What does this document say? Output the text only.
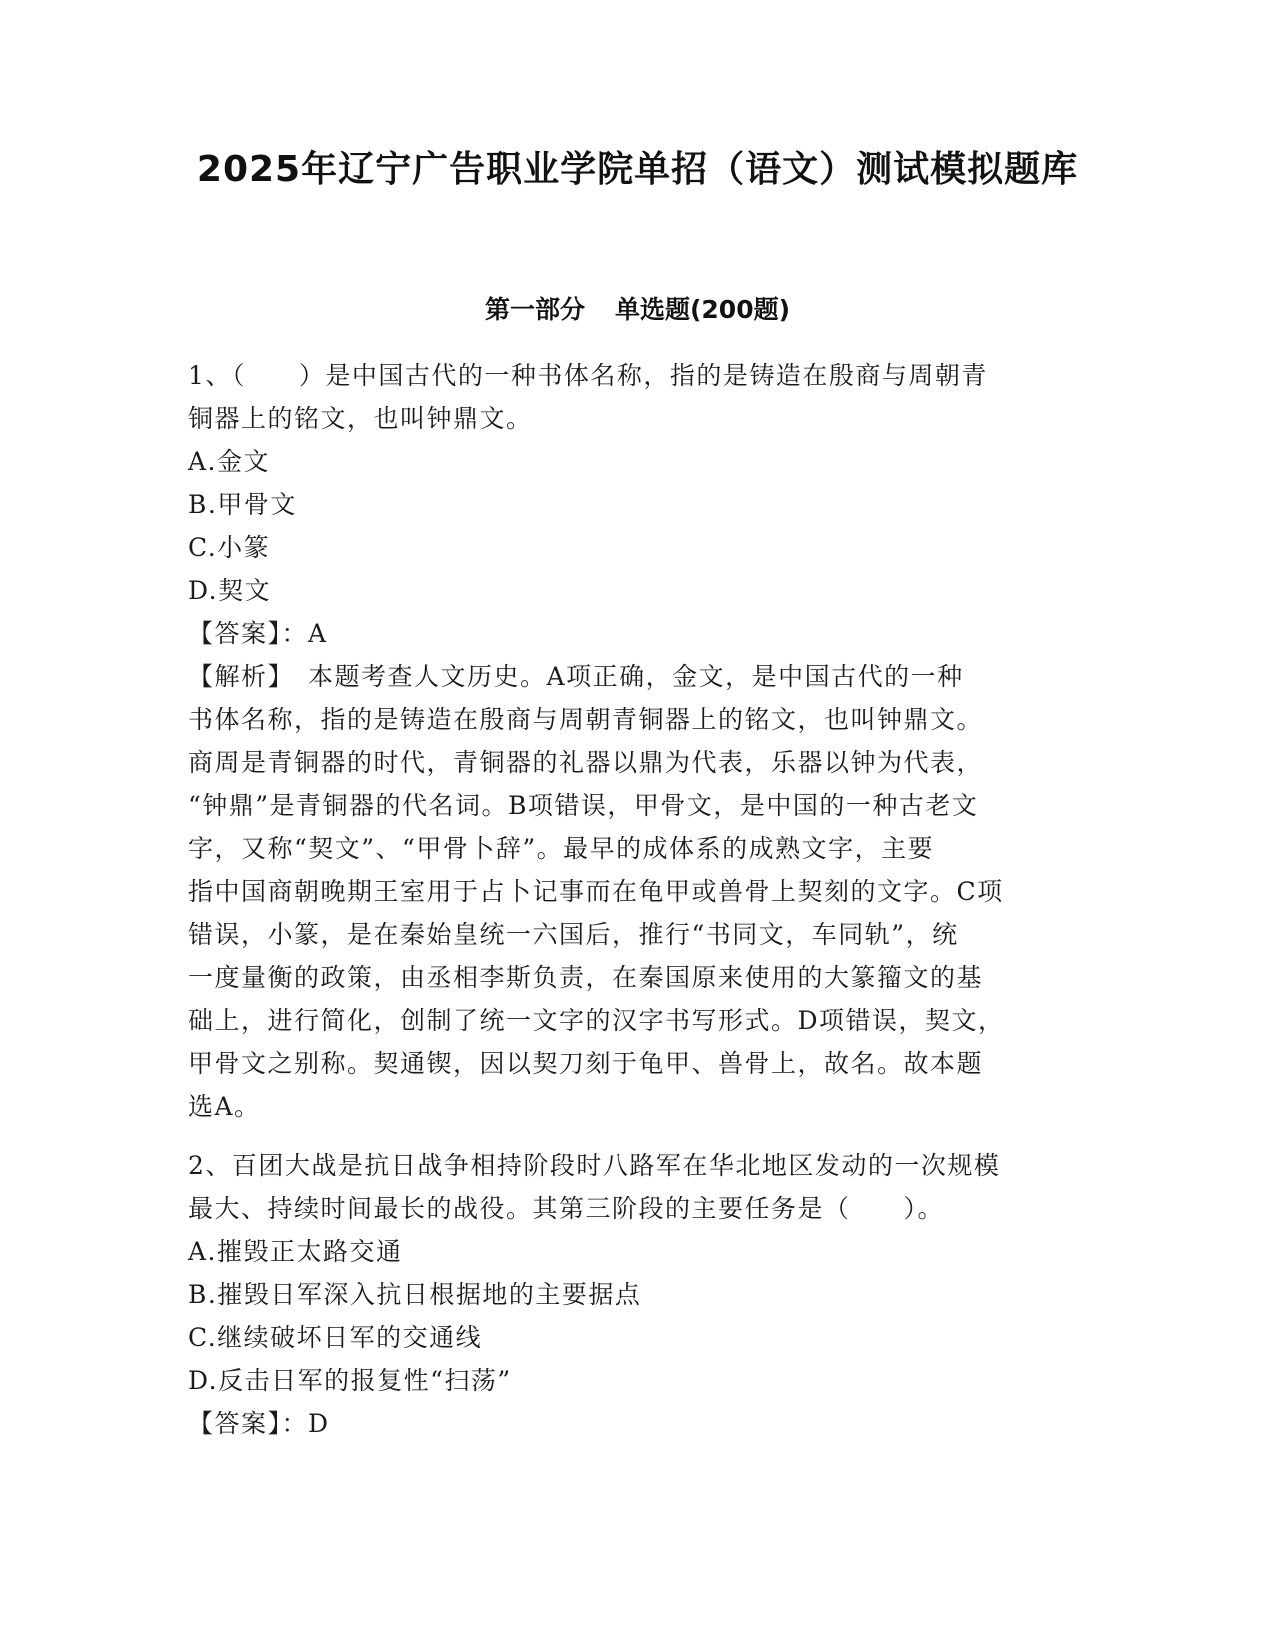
2025年辽宁广告职业学院单招（语文）测试模拟题库
第一部分 单选题(200题)
1、（　　）是中国古代的一种书体名称，指的是铸造在殷商与周朝青
铜器上的铭文，也叫钟鼎文。
A.金文
B.甲骨文
C.小篆
D.契文
【答案】：A
【解析】　 本题考查人文历史。A项正确，金文，是中国古代的一种
书体名称，指的是铸造在殷商与周朝青铜器上的铭文，也叫钟鼎文。
商周是青铜器的时代，青铜器的礼器以鼎为代表，乐器以钟为代表，
“钟鼎”是青铜器的代名词。B项错误，甲骨文，是中国的一种古老文
字，又称“契文”、“甲骨卜辞”。最早的成体系的成熟文字，主要
指中国商朝晚期王室用于占卜记事而在龟甲或兽骨上契刻的文字。C项
错误，小篆，是在秦始皇统一六国后，推行“书同文，车同轨”，统
一度量衡的政策，由丞相李斯负责，在秦国原来使用的大篆籀文的基
础上，进行简化，创制了统一文字的汉字书写形式。D项错误，契文，
甲骨文之别称。契通锲，因以契刀刻于龟甲、兽骨上，故名。故本题
选A。
2、百团大战是抗日战争相持阶段时八路军在华北地区发动的一次规模
最大、持续时间最长的战役。其第三阶段的主要任务是（　　）。
A.摧毁正太路交通
B.摧毁日军深入抗日根据地的主要据点
C.继续破坏日军的交通线
D.反击日军的报复性“扫荡”
【答案】：D
